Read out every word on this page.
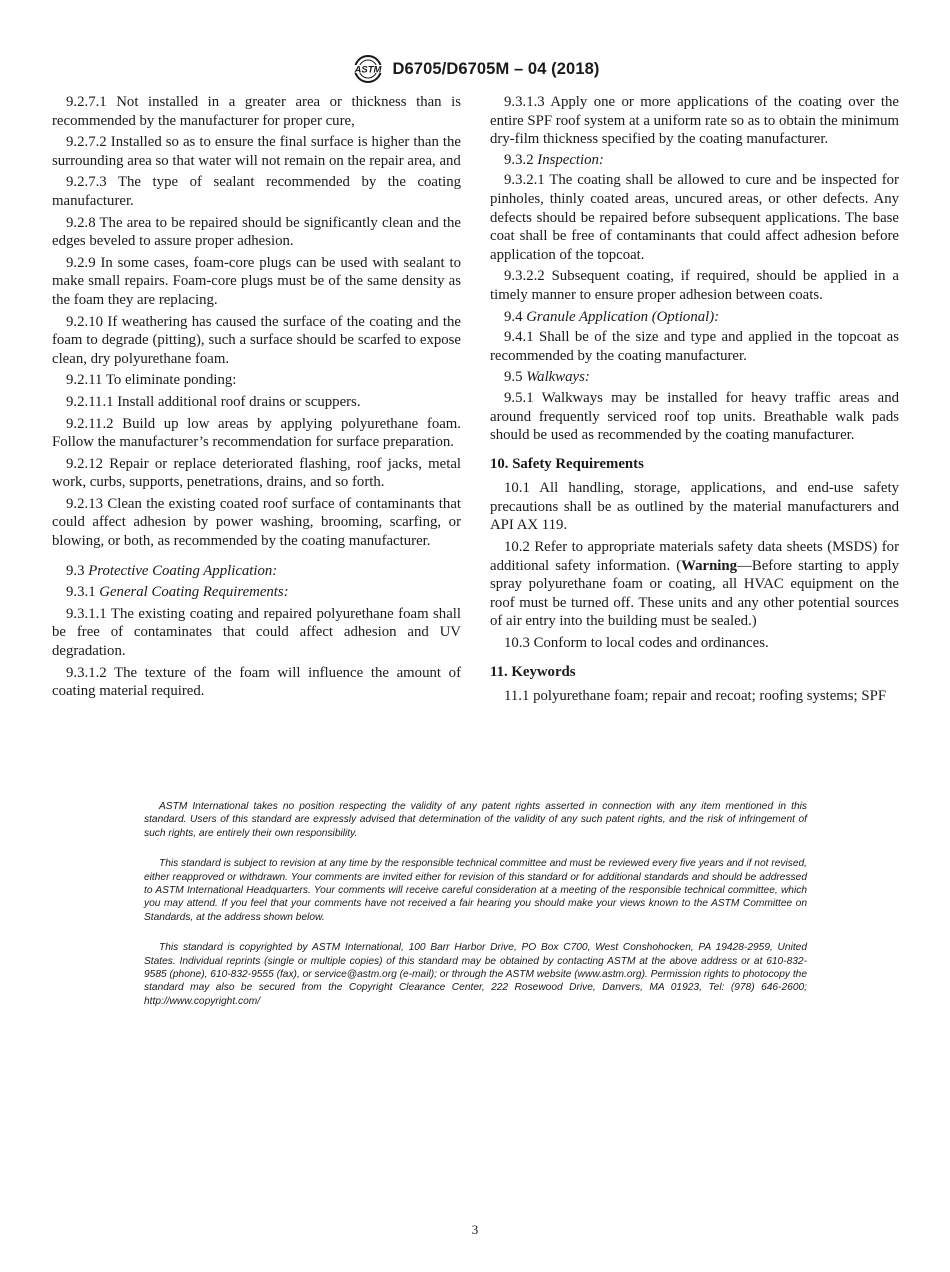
ASTM D6705/D6705M – 04 (2018)

9.2.7.1 Not installed in a greater area or thickness than is recommended by the manufacturer for proper cure,

9.2.7.2 Installed so as to ensure the final surface is higher than the surrounding area so that water will not remain on the repair area, and

9.2.7.3 The type of sealant recommended by the coating manufacturer.

9.2.8 The area to be repaired should be significantly clean and the edges beveled to assure proper adhesion.

9.2.9 In some cases, foam-core plugs can be used with sealant to make small repairs. Foam-core plugs must be of the same density as the foam they are replacing.

9.2.10 If weathering has caused the surface of the coating and the foam to degrade (pitting), such a surface should be scarfed to expose clean, dry polyurethane foam.

9.2.11 To eliminate ponding:

9.2.11.1 Install additional roof drains or scuppers.

9.2.11.2 Build up low areas by applying polyurethane foam. Follow the manufacturer’s recommendation for surface preparation.

9.2.12 Repair or replace deteriorated flashing, roof jacks, metal work, curbs, supports, penetrations, drains, and so forth.

9.2.13 Clean the existing coated roof surface of contaminants that could affect adhesion by power washing, brooming, scarfing, or blowing, or both, as recommended by the coating manufacturer.

9.3 Protective Coating Application:

9.3.1 General Coating Requirements:

9.3.1.1 The existing coating and repaired polyurethane foam shall be free of contaminates that could affect adhesion and UV degradation.

9.3.1.2 The texture of the foam will influence the amount of coating material required.

9.3.1.3 Apply one or more applications of the coating over the entire SPF roof system at a uniform rate so as to obtain the minimum dry-film thickness specified by the coating manufacturer.

9.3.2 Inspection:

9.3.2.1 The coating shall be allowed to cure and be inspected for pinholes, thinly coated areas, uncured areas, or other defects. Any defects should be repaired before subsequent applications. The base coat shall be free of contaminants that could affect adhesion before application of the topcoat.

9.3.2.2 Subsequent coating, if required, should be applied in a timely manner to ensure proper adhesion between coats.

9.4 Granule Application (Optional):

9.4.1 Shall be of the size and type and applied in the topcoat as recommended by the coating manufacturer.

9.5 Walkways:

9.5.1 Walkways may be installed for heavy traffic areas and around frequently serviced roof top units. Breathable walk pads should be used as recommended by the coating manufacturer.

10. Safety Requirements

10.1 All handling, storage, applications, and end-use safety precautions shall be as outlined by the material manufacturers and API AX 119.

10.2 Refer to appropriate materials safety data sheets (MSDS) for additional safety information. (Warning—Before starting to apply spray polyurethane foam or coating, all HVAC equipment on the roof must be turned off. These units and any other potential sources of air entry into the building must be sealed.)

10.3 Conform to local codes and ordinances.

11. Keywords

11.1 polyurethane foam; repair and recoat; roofing systems; SPF

ASTM International takes no position respecting the validity of any patent rights asserted in connection with any item mentioned in this standard. Users of this standard are expressly advised that determination of the validity of any such patent rights, and the risk of infringement of such rights, are entirely their own responsibility.

This standard is subject to revision at any time by the responsible technical committee and must be reviewed every five years and if not revised, either reapproved or withdrawn. Your comments are invited either for revision of this standard or for additional standards and should be addressed to ASTM International Headquarters. Your comments will receive careful consideration at a meeting of the responsible technical committee, which you may attend. If you feel that your comments have not received a fair hearing you should make your views known to the ASTM Committee on Standards, at the address shown below.

This standard is copyrighted by ASTM International, 100 Barr Harbor Drive, PO Box C700, West Conshohocken, PA 19428-2959, United States. Individual reprints (single or multiple copies) of this standard may be obtained by contacting ASTM at the above address or at 610-832-9585 (phone), 610-832-9555 (fax), or service@astm.org (e-mail); or through the ASTM website (www.astm.org). Permission rights to photocopy the standard may also be secured from the Copyright Clearance Center, 222 Rosewood Drive, Danvers, MA 01923, Tel: (978) 646-2600; http://www.copyright.com/

3
